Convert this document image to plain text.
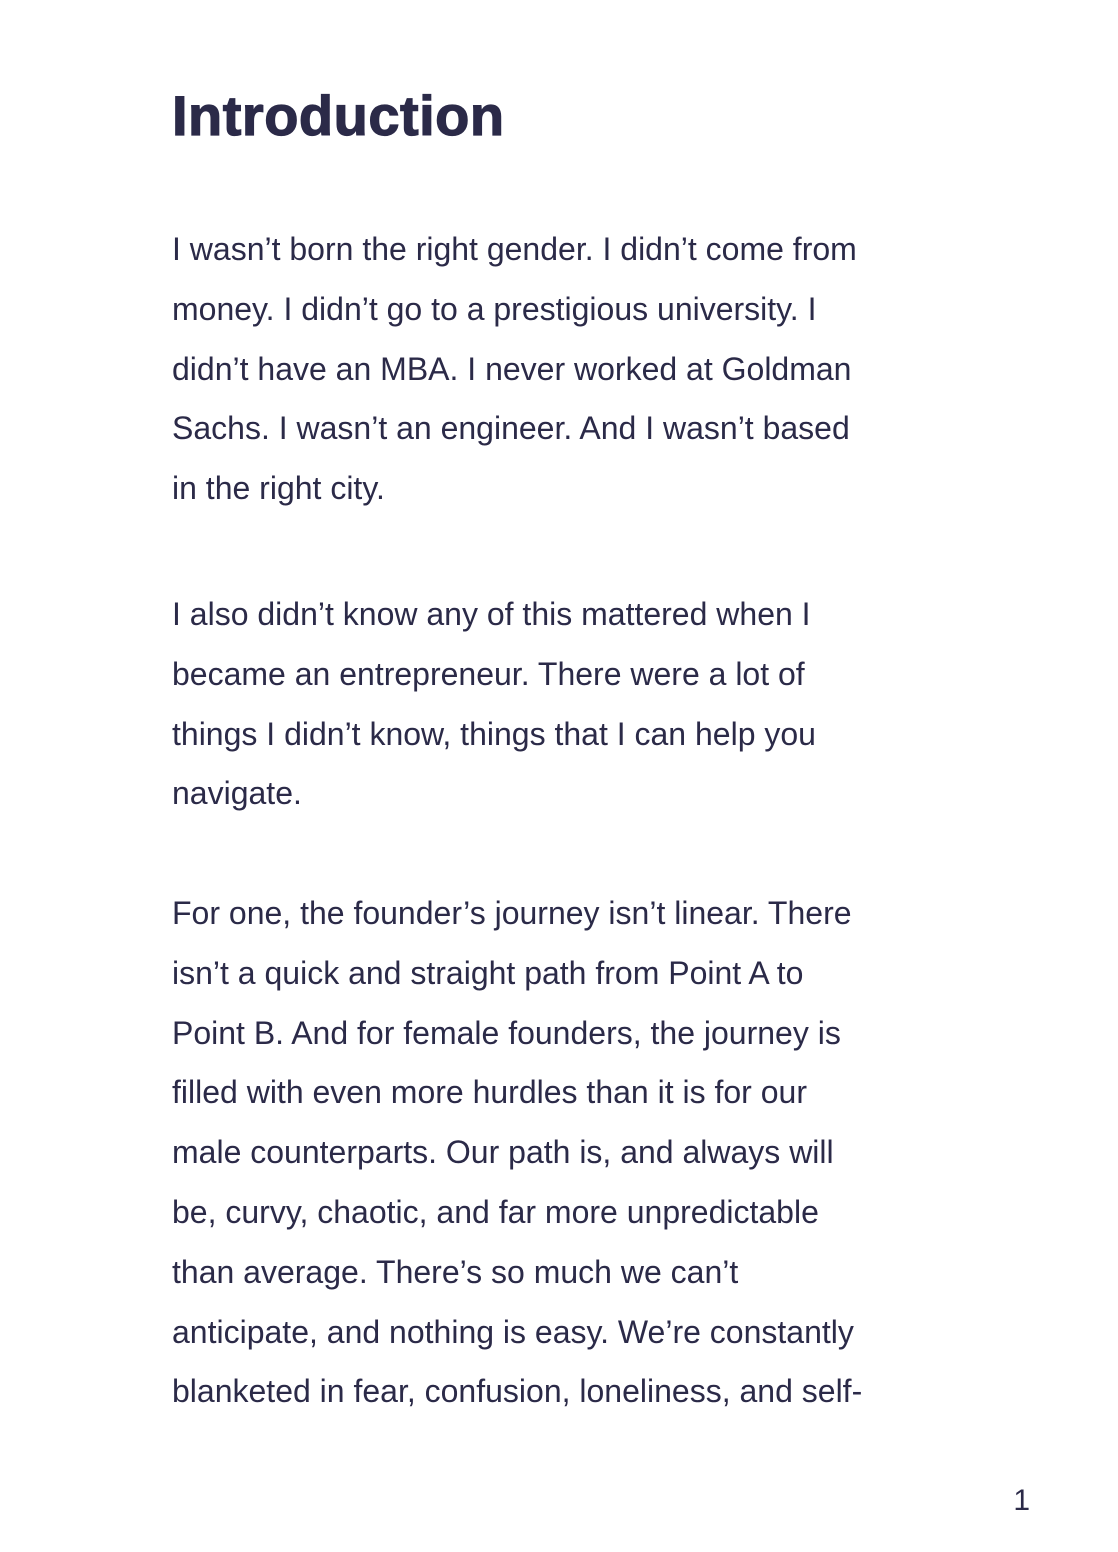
Introduction

I wasn’t born the right gender. I didn’t come from
money. I didn’t go to a prestigious university. I
didn’t have an MBA. I never worked at Goldman
Sachs. I wasn’t an engineer. And I wasn’t based
in the right city.

I also didn’t know any of this mattered when I
became an entrepreneur. There were a lot of
things I didn’t know, things that I can help you
navigate.

For one, the founder’s journey isn’t linear. There
isn’t a quick and straight path from Point A to
Point B. And for female founders, the journey is
filled with even more hurdles than it is for our
male counterparts. Our path is, and always will
be, curvy, chaotic, and far more unpredictable
than average. There’s so much we can’t
anticipate, and nothing is easy. We’re constantly
blanketed in fear, confusion, loneliness, and self-

1
